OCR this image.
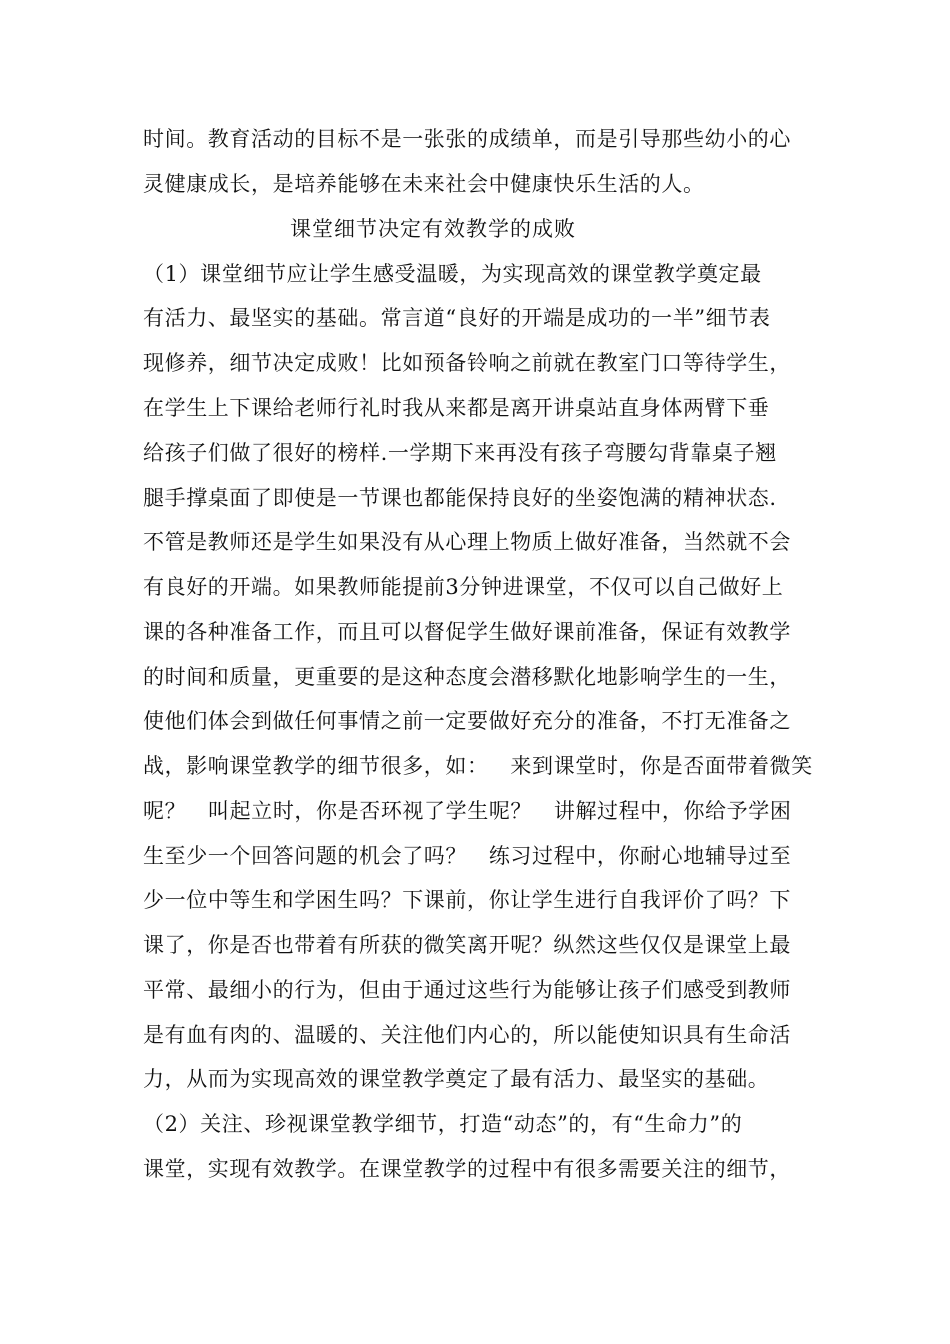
时间。教育活动的目标不是一张张的成绩单，而是引导那些幼小的心
灵健康成长，是培养能够在未来社会中健康快乐生活的人。
课堂细节决定有效教学的成败
（1）课堂细节应让学生感受温暖，为实现高效的课堂教学奠定最
有活力、最坚实的基础。常言道“良好的开端是成功的一半”细节表
现修养，细节决定成败！比如预备铃响之前就在教室门口等待学生，
在学生上下课给老师行礼时我从来都是离开讲桌站直身体两臂下垂
给孩子们做了很好的榜样.一学期下来再没有孩子弯腰勾背靠桌子翘
腿手撑桌面了即使是一节课也都能保持良好的坐姿饱满的精神状态.
不管是教师还是学生如果没有从心理上物质上做好准备，当然就不会
有良好的开端。如果教师能提前3分钟进课堂，不仅可以自己做好上
课的各种准备工作，而且可以督促学生做好课前准备，保证有效教学
的时间和质量，更重要的是这种态度会潜移默化地影响学生的一生，
使他们体会到做任何事情之前一定要做好充分的准备，不打无准备之
战，影响课堂教学的细节很多，如：   来到课堂时，你是否面带着微笑
呢？   叫起立时，你是否环视了学生呢？   讲解过程中，你给予学困
生至少一个回答问题的机会了吗？   练习过程中，你耐心地辅导过至
少一位中等生和学困生吗？下课前，你让学生进行自我评价了吗？下
课了，你是否也带着有所获的微笑离开呢？纵然这些仅仅是课堂上最
平常、最细小的行为，但由于通过这些行为能够让孩子们感受到教师
是有血有肉的、温暖的、关注他们内心的，所以能使知识具有生命活
力，从而为实现高效的课堂教学奠定了最有活力、最坚实的基础。
（2）关注、珍视课堂教学细节，打造“动态”的，有“生命力”的
课堂，实现有效教学。在课堂教学的过程中有很多需要关注的细节，
